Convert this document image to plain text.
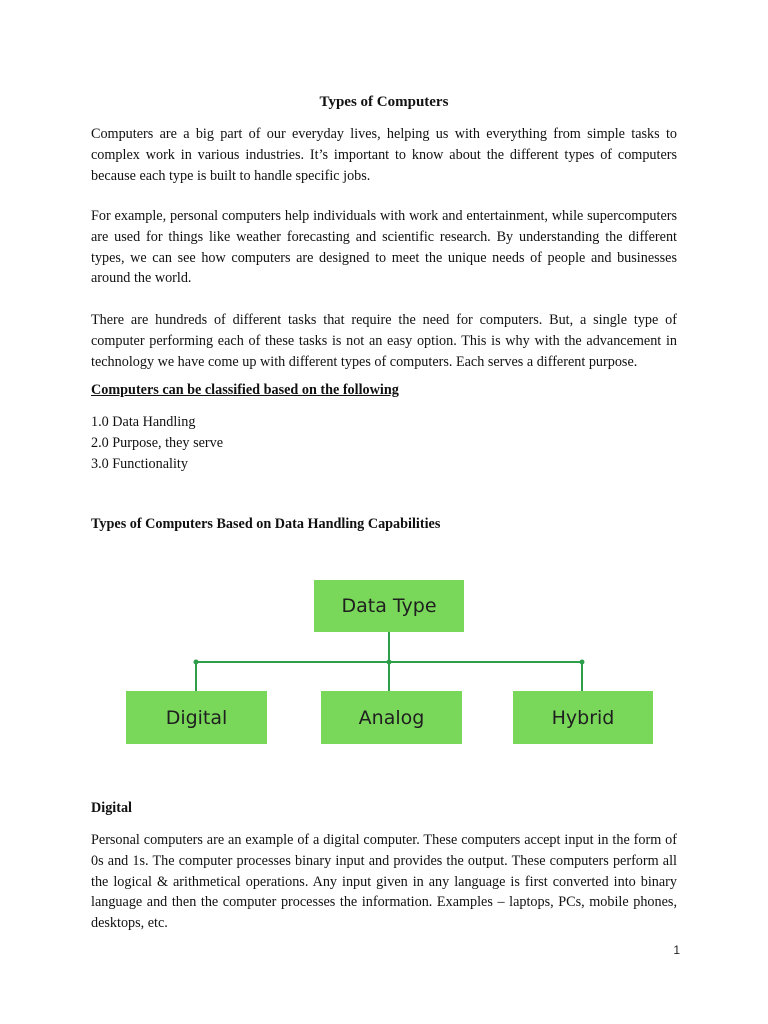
Types of Computers

Computers are a big part of our everyday lives, helping us with everything from simple tasks to complex work in various industries. It’s important to know about the different types of computers because each type is built to handle specific jobs.

For example, personal computers help individuals with work and entertainment, while supercomputers are used for things like weather forecasting and scientific research. By understanding the different types, we can see how computers are designed to meet the unique needs of people and businesses around the world.

There are hundreds of different tasks that require the need for computers. But, a single type of computer performing each of these tasks is not an easy option. This is why with the advancement in technology we have come up with different types of computers. Each serves a different purpose.

Computers can be classified based on the following
1.0 Data Handling
2.0 Purpose, they serve
3.0 Functionality
Types of Computers Based on Data Handling Capabilities
Data Type
Digital	Analog	Hybrid
Digital

Personal computers are an example of a digital computer. These computers accept input in the form of 0s and 1s. The computer processes binary input and provides the output. These computers perform all the logical & arithmetical operations. Any input given in any language is first converted into binary language and then the computer processes the information. Examples – laptops, PCs, mobile phones, desktops, etc.

1
